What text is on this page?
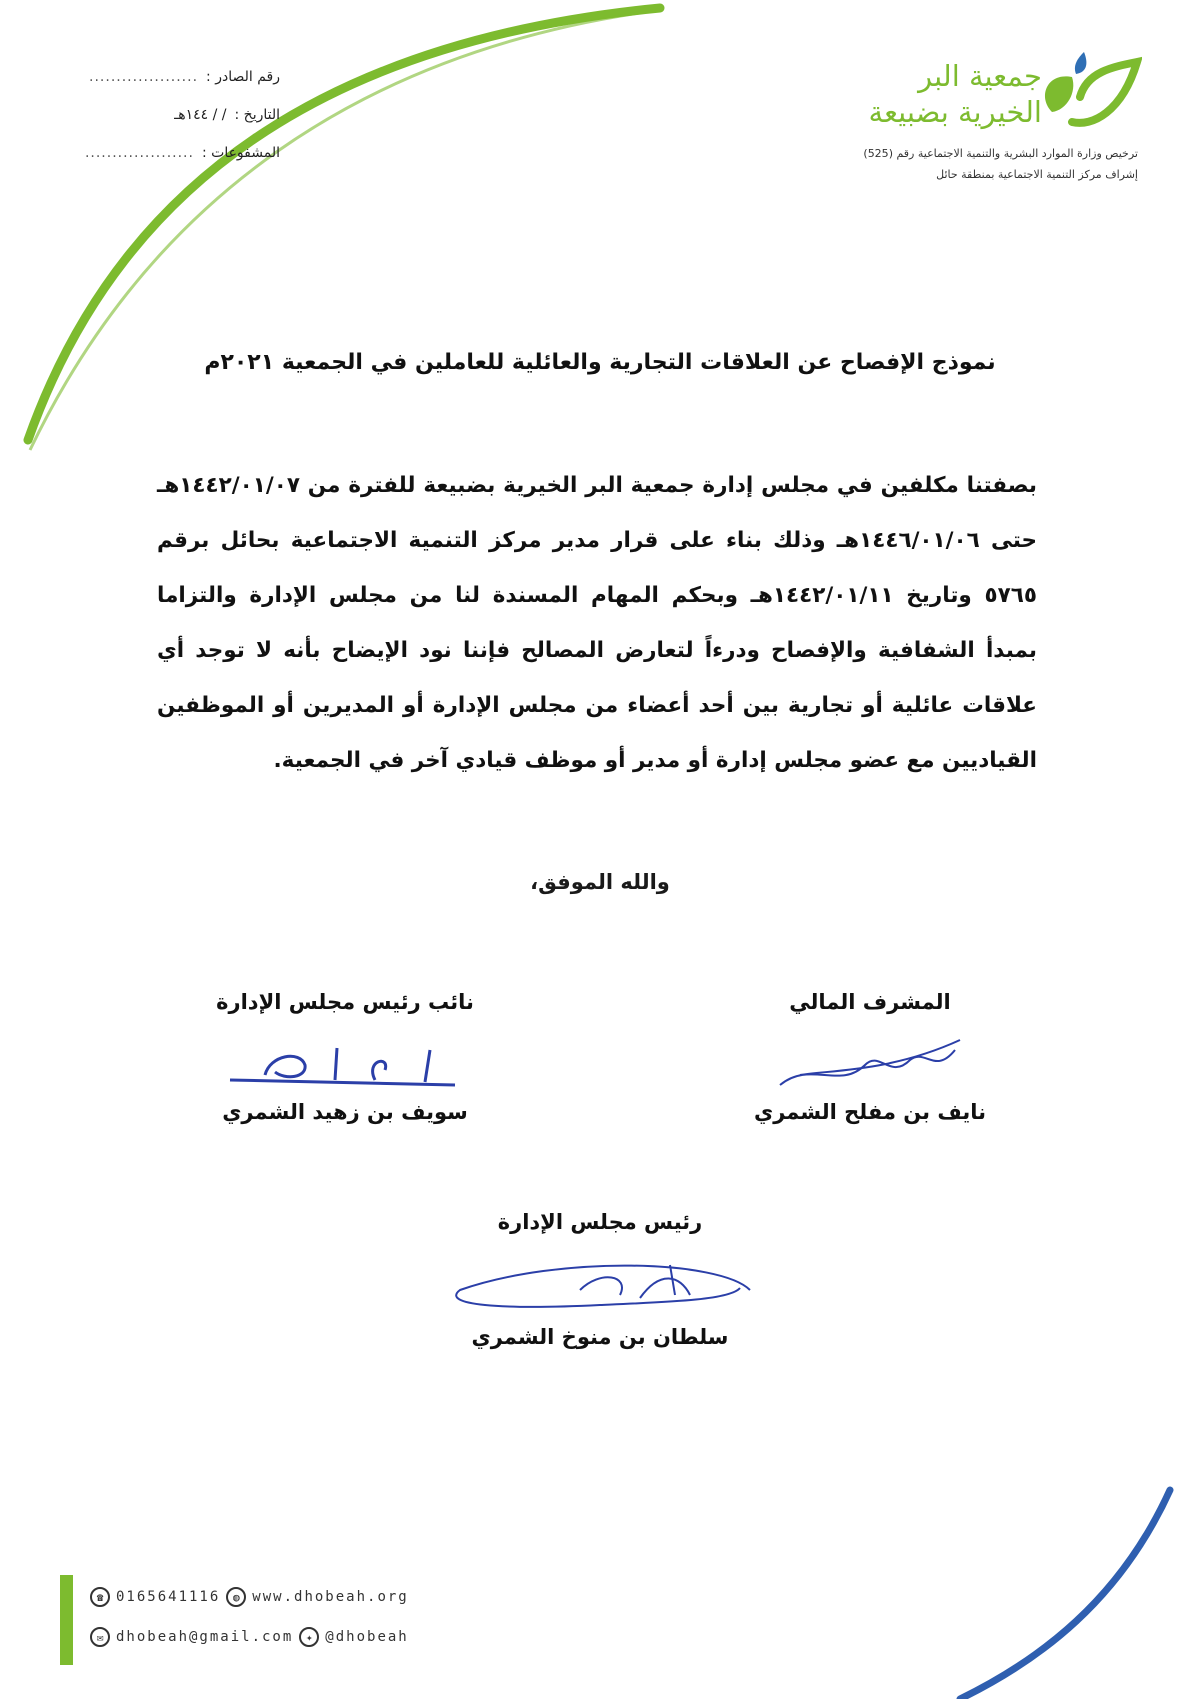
جمعية البر
الخيرية بضبيعة
ترخيص وزارة الموارد البشرية والتنمية الاجتماعية رقم (525)
إشراف مركز التنمية الاجتماعية بمنطقة حائل
رقم الصادر :
....................
التاريخ :
/ / ١٤٤هـ
المشفوعات :
....................
نموذج الإفصاح عن العلاقات التجارية والعائلية للعاملين في الجمعية ٢٠٢١م
بصفتنا مكلفين في مجلس إدارة جمعية البر الخيرية بضبيعة للفترة من ١٤٤٢/٠١/٠٧هـ حتى ١٤٤٦/٠١/٠٦هـ وذلك بناء على قرار مدير مركز التنمية الاجتماعية بحائل برقم ٥٧٦٥ وتاريخ ١٤٤٢/٠١/١١هـ وبحكم المهام المسندة لنا من مجلس الإدارة والتزاما بمبدأ الشفافية والإفصاح ودرءاً لتعارض المصالح فإننا نود الإيضاح بأنه لا توجد أي علاقات عائلية أو تجارية بين أحد أعضاء من مجلس الإدارة أو المديرين أو الموظفين القياديين مع عضو مجلس إدارة أو مدير أو موظف قيادي آخر في الجمعية.
والله الموفق،
المشرف المالي
نايف بن مفلح الشمري
نائب رئيس مجلس الإدارة
سويف بن زهيد الشمري
رئيس مجلس الإدارة
سلطان بن منوخ الشمري
☎ 0165641116	◍ www.dhobeah.org
✉ dhobeah@gmail.com	✦ @dhobeah
